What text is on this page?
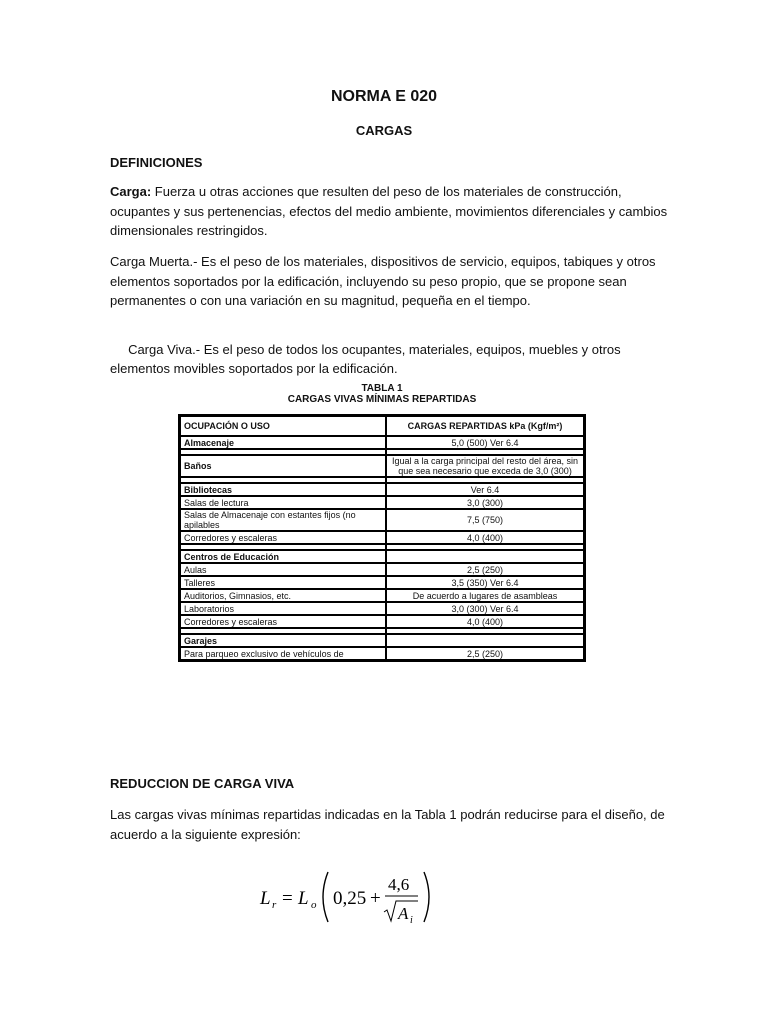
NORMA E 020
CARGAS
DEFINICIONES
Carga: Fuerza u otras acciones que resulten del peso de los materiales de construcción, ocupantes y sus pertenencias, efectos del medio ambiente, movimientos diferenciales y cambios dimensionales restringidos.
Carga Muerta.- Es el peso de los materiales, dispositivos de servicio, equipos, tabiques y otros elementos soportados por la edificación, incluyendo su peso propio, que se propone sean permanentes o con una variación en su magnitud, pequeña en el tiempo.

Carga Viva.- Es el peso de todos los ocupantes, materiales, equipos, muebles y otros elementos movibles soportados por la edificación.

TABLA 1
CARGAS VIVAS MÍNIMAS REPARTIDAS
OCUPACIÓN O USO	CARGAS REPARTIDAS kPa (Kgf/m²)
Almacenaje	5,0 (500) Ver 6.4

Baños	Igual a la carga principal del resto del área, sin que sea necesario que exceda de 3,0 (300)

Bibliotecas	Ver 6.4
Salas de lectura	3,0 (300)
Salas de Almacenaje con estantes fijos (no apilables	7,5 (750)
Corredores y escaleras	4,0 (400)

Centros de Educación	
Aulas	2,5 (250)
Talleres	3,5 (350) Ver 6.4
Auditorios, Gimnasios, etc.	De acuerdo a lugares de asambleas
Laboratorios	3,0 (300) Ver 6.4
Corredores y escaleras	4,0 (400)

Garajes	
Para parqueo exclusivo de vehículos de	2,5 (250)
REDUCCION DE CARGA VIVA
Las cargas vivas mínimas repartidas indicadas en la Tabla 1 podrán reducirse para el diseño, de acuerdo a la siguiente expresión:
L r = L o 0,25 +
4,6
A i
